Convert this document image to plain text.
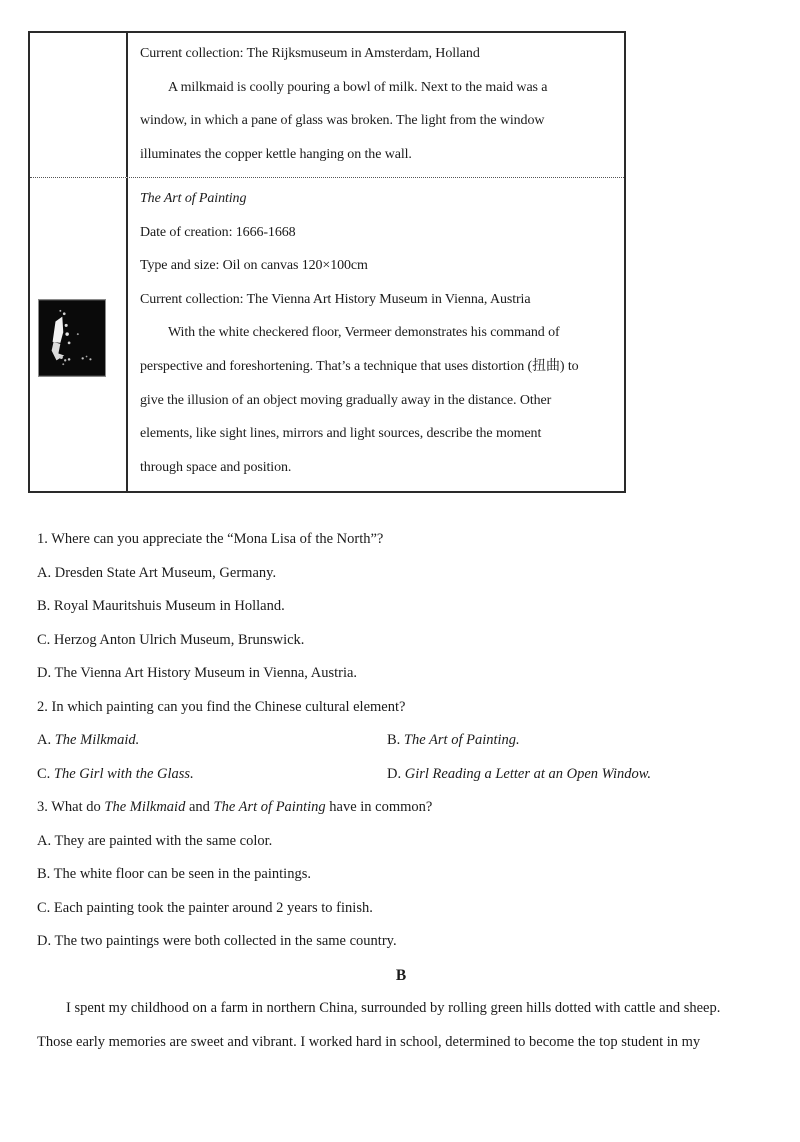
Current collection: The Rijksmuseum in Amsterdam, Holland
A milkmaid is coolly pouring a bowl of milk. Next to the maid was a
window, in which a pane of glass was broken. The light from the window
illuminates the copper kettle hanging on the wall.
The Art of Painting
Date of creation: 1666-1668
Type and size: Oil on canvas 120×100cm
Current collection: The Vienna Art History Museum in Vienna, Austria
With the white checkered floor, Vermeer demonstrates his command of
perspective and foreshortening. That’s a technique that uses distortion (扭曲) to
give the illusion of an object moving gradually away in the distance. Other
elements, like sight lines, mirrors and light sources, describe the moment
through space and position.
1. Where can you appreciate the “Mona Lisa of the North”?
A. Dresden State Art Museum, Germany.
B. Royal Mauritshuis Museum in Holland.
C. Herzog Anton Ulrich Museum, Brunswick.
D. The Vienna Art History Museum in Vienna, Austria.
2. In which painting can you find the Chinese cultural element?
A. The Milkmaid.	B. The Art of Painting.
C. The Girl with the Glass.	D. Girl Reading a Letter at an Open Window.
3. What do The Milkmaid and The Art of Painting have in common?
A. They are painted with the same color.
B. The white floor can be seen in the paintings.
C. Each painting took the painter around 2 years to finish.
D. The two paintings were both collected in the same country.
B
I spent my childhood on a farm in northern China, surrounded by rolling green hills dotted with cattle and sheep.
Those early memories are sweet and vibrant. I worked hard in school, determined to become the top student in my
